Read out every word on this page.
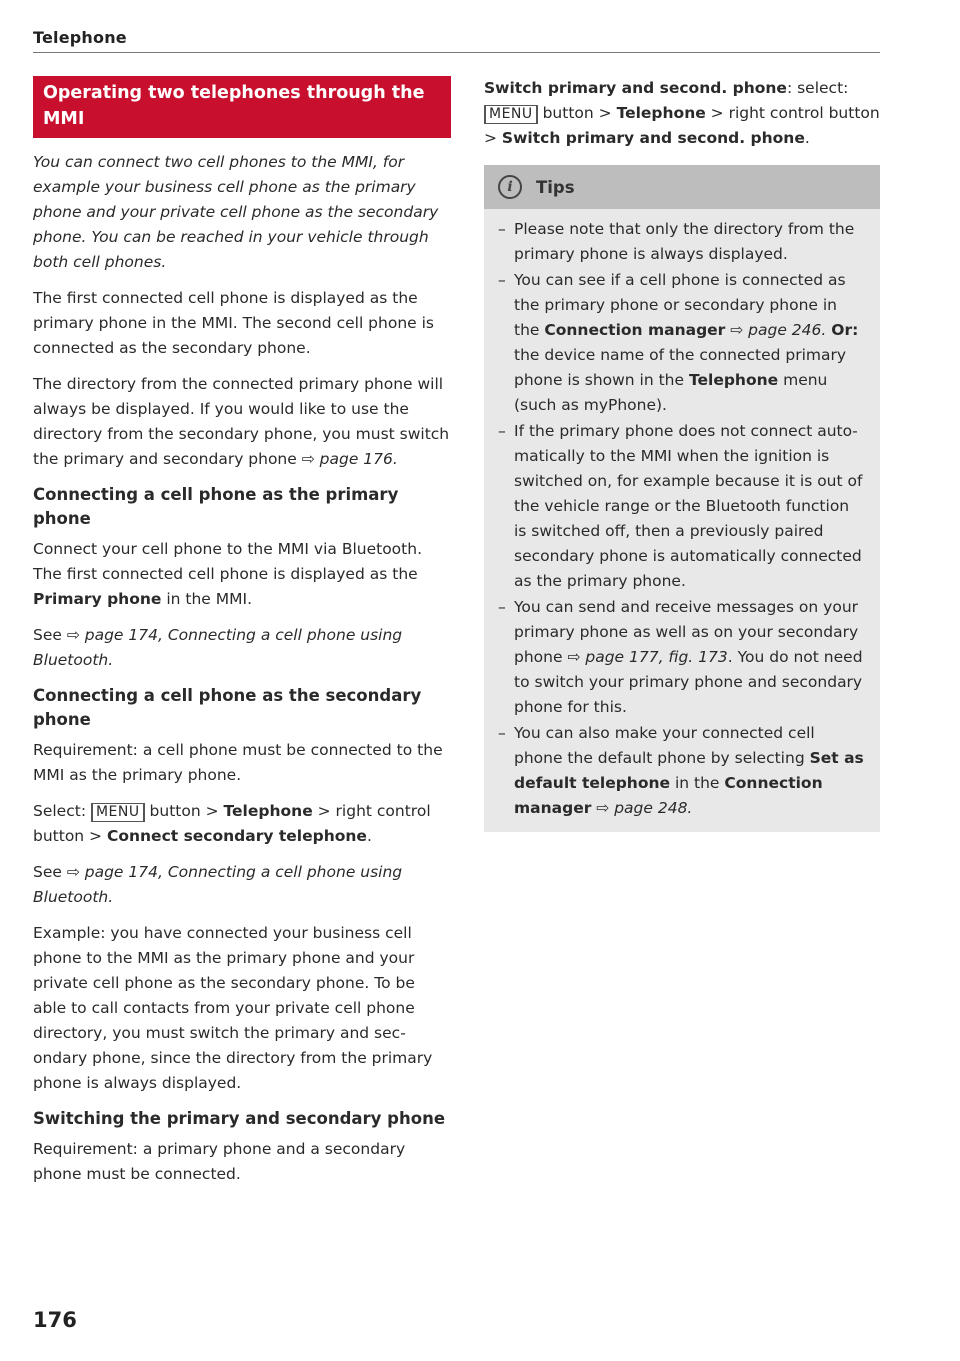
Telephone
Operating two telephones through the MMI

You can connect two cell phones to the MMI, for example your business cell phone as the primary phone and your private cell phone as the secondary phone. You can be reached in your vehicle through both cell phones.

The first connected cell phone is displayed as the primary phone in the MMI. The second cell phone is connected as the secondary phone.

The directory from the connected primary phone will always be displayed. If you would like to use the directory from the secondary phone, you must switch the primary and secondary phone ⇨ page 176.

Connecting a cell phone as the primary phone

Connect your cell phone to the MMI via Bluetooth. The first connected cell phone is displayed as the Primary phone in the MMI.

See ⇨ page 174, Connecting a cell phone using Bluetooth.

Connecting a cell phone as the secondary phone

Requirement: a cell phone must be connected to the MMI as the primary phone.

Select: MENU button > Telephone > right control button > Connect secondary telephone.

See ⇨ page 174, Connecting a cell phone using Bluetooth.

Example: you have connected your business cell phone to the MMI as the primary phone and your private cell phone as the secondary phone. To be able to call contacts from your private cell phone directory, you must switch the primary and secondary phone, since the directory from the primary phone is always displayed.

Switching the primary and secondary phone

Requirement: a primary phone and a secondary phone must be connected.

Switch primary and second. phone: select:
MENU button > Telephone > right control button > Switch primary and second. phone.

i	Tips
– Please note that only the directory from the primary phone is always displayed.
– You can see if a cell phone is connected as the primary phone or secondary phone in the Connection manager ⇨ page 246. Or: the device name of the connected primary phone is shown in the Telephone menu (such as myPhone).
– If the primary phone does not connect automatically to the MMI when the ignition is switched on, for example because it is out of the vehicle range or the Bluetooth function is switched off, then a previously paired secondary phone is automatically connected as the primary phone.
– You can send and receive messages on your primary phone as well as on your secondary phone ⇨ page 177, fig. 173. You do not need to switch your primary phone and secondary phone for this.
– You can also make your connected cell phone the default phone by selecting Set as default telephone in the Connection manager ⇨ page 248.
176
